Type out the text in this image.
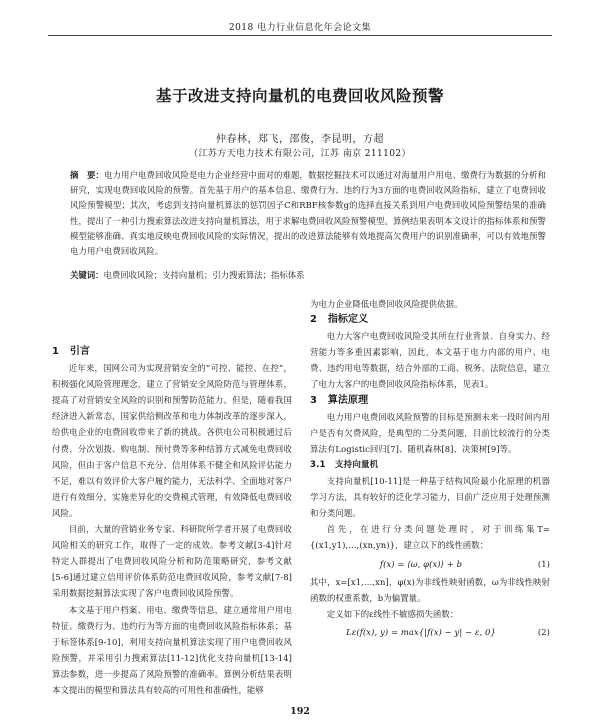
2018 电力行业信息化年会论文集
基于改进支持向量机的电费回收风险预警
仲春林，郑飞，邵俊，李昆明，方超
（江苏方天电力技术有限公司，江苏 南京 211102）
摘　要：电力用户电费回收风险是电力企业经营中面对的难题，数据挖掘技术可以通过对海量用户用电、缴费行为数据的分析和研究，实现电费回收风险的预警。首先基于用户的基本信息、缴费行为、违约行为3方面的电费回收风险指标，建立了电费回收风险预警模型；其次，考虑到支持向量机算法的惩罚因子C和RBF核参数g的选择直接关系到用户电费回收风险预警结果的准确性，提出了一种引力搜索算法改进支持向量机算法，用于求解电费回收风险预警模型。算例结果表明本文设计的指标体系和预警模型能够准确、真实地反映电费回收风险的实际情况，提出的改进算法能够有效地提高欠费用户的识别准确率，可以有效地预警电力用户电费回收风险。
关键词：电费回收风险；支持向量机；引力搜索算法；指标体系

1 引言

近年来，国网公司为实现营销安全的“可控、能控、在控”，积极强化风险管理理念，建立了营销安全风险防范与管理体系，提高了对营销安全风险的识别和预警防范能力。但是，随着我国经济进入新常态，国家供给侧改革和电力体制改革的逐步深入，给供电企业的电费回收带来了新的挑战。各供电公司积极通过后付费、分次划拨、购电制、预付费等多种结算方式减免电费回收风险，但由于客户信息不充分、信用体系不健全和风险评估能力不足，难以有效评价大客户履约能力，无法科学、全面地对客户进行有效细分，实施差异化的交费模式管理，有效降低电费回收风险。

目前，大量的营销业务专家、科研院所学者开展了电费回收风险相关的研究工作，取得了一定的成效。参考文献[3-4]针对特定人群提出了电费回收风险分析和防范策略研究，参考文献[5-6]通过建立信用评价体系防范电费回收风险，参考文献[7-8]采用数据挖掘算法实现了客户电费回收风险预警。

本文基于用户档案、用电、缴费等信息，建立通常用户用电特征、缴费行为、违约行为等方面的电费回收风险指标体系；基于标签体系[9-10]，利用支持向量机算法实现了用户电费回收风险预警，并采用引力搜索算法[11-12]优化支持向量机[13-14]算法参数，进一步提高了风险预警的准确率。算例分析结果表明本文提出的模型和算法具有较高的可用性和准确性，能够

为电力企业降低电费回收风险提供依据。

2 指标定义

电力大客户电费回收风险受其所在行业背景、自身实力、经营能力等多重因素影响，因此，本文基于电力内部的用户、电费、违约用电等数据，结合外部的工商、税务、法院信息，建立了电力大客户的电费回收风险指标体系，见表1。

3 算法原理

电力用户电费回收风险预警的目标是预测未来一段时间内用户是否有欠费风险，是典型的二分类问题，目前比较流行的分类算法有Logistic回归[7]、随机森林[8]、决策树[9]等。

3.1 支持向量机

支持向量机[10-11]是一种基于结构风险最小化原理的机器学习方法，具有较好的泛化学习能力，目前广泛应用于处理预测和分类问题。

首先，在进行分类问题处理时，对于训练集T={(x1,y1),…,(xn,yn)}，建立以下的线性函数：

f(x) = ⟨ω, φ(x)⟩ + b	(1)

其中，x=[x1,…,xn]，φ(x)为非线性映射函数，ω为非线性映射函数的权重系数，b为偏置量。

定义如下的ε线性不敏感损失函数：

Lε(f(x), y) = max{|f(x) − y| − ε, 0}	(2)
192
